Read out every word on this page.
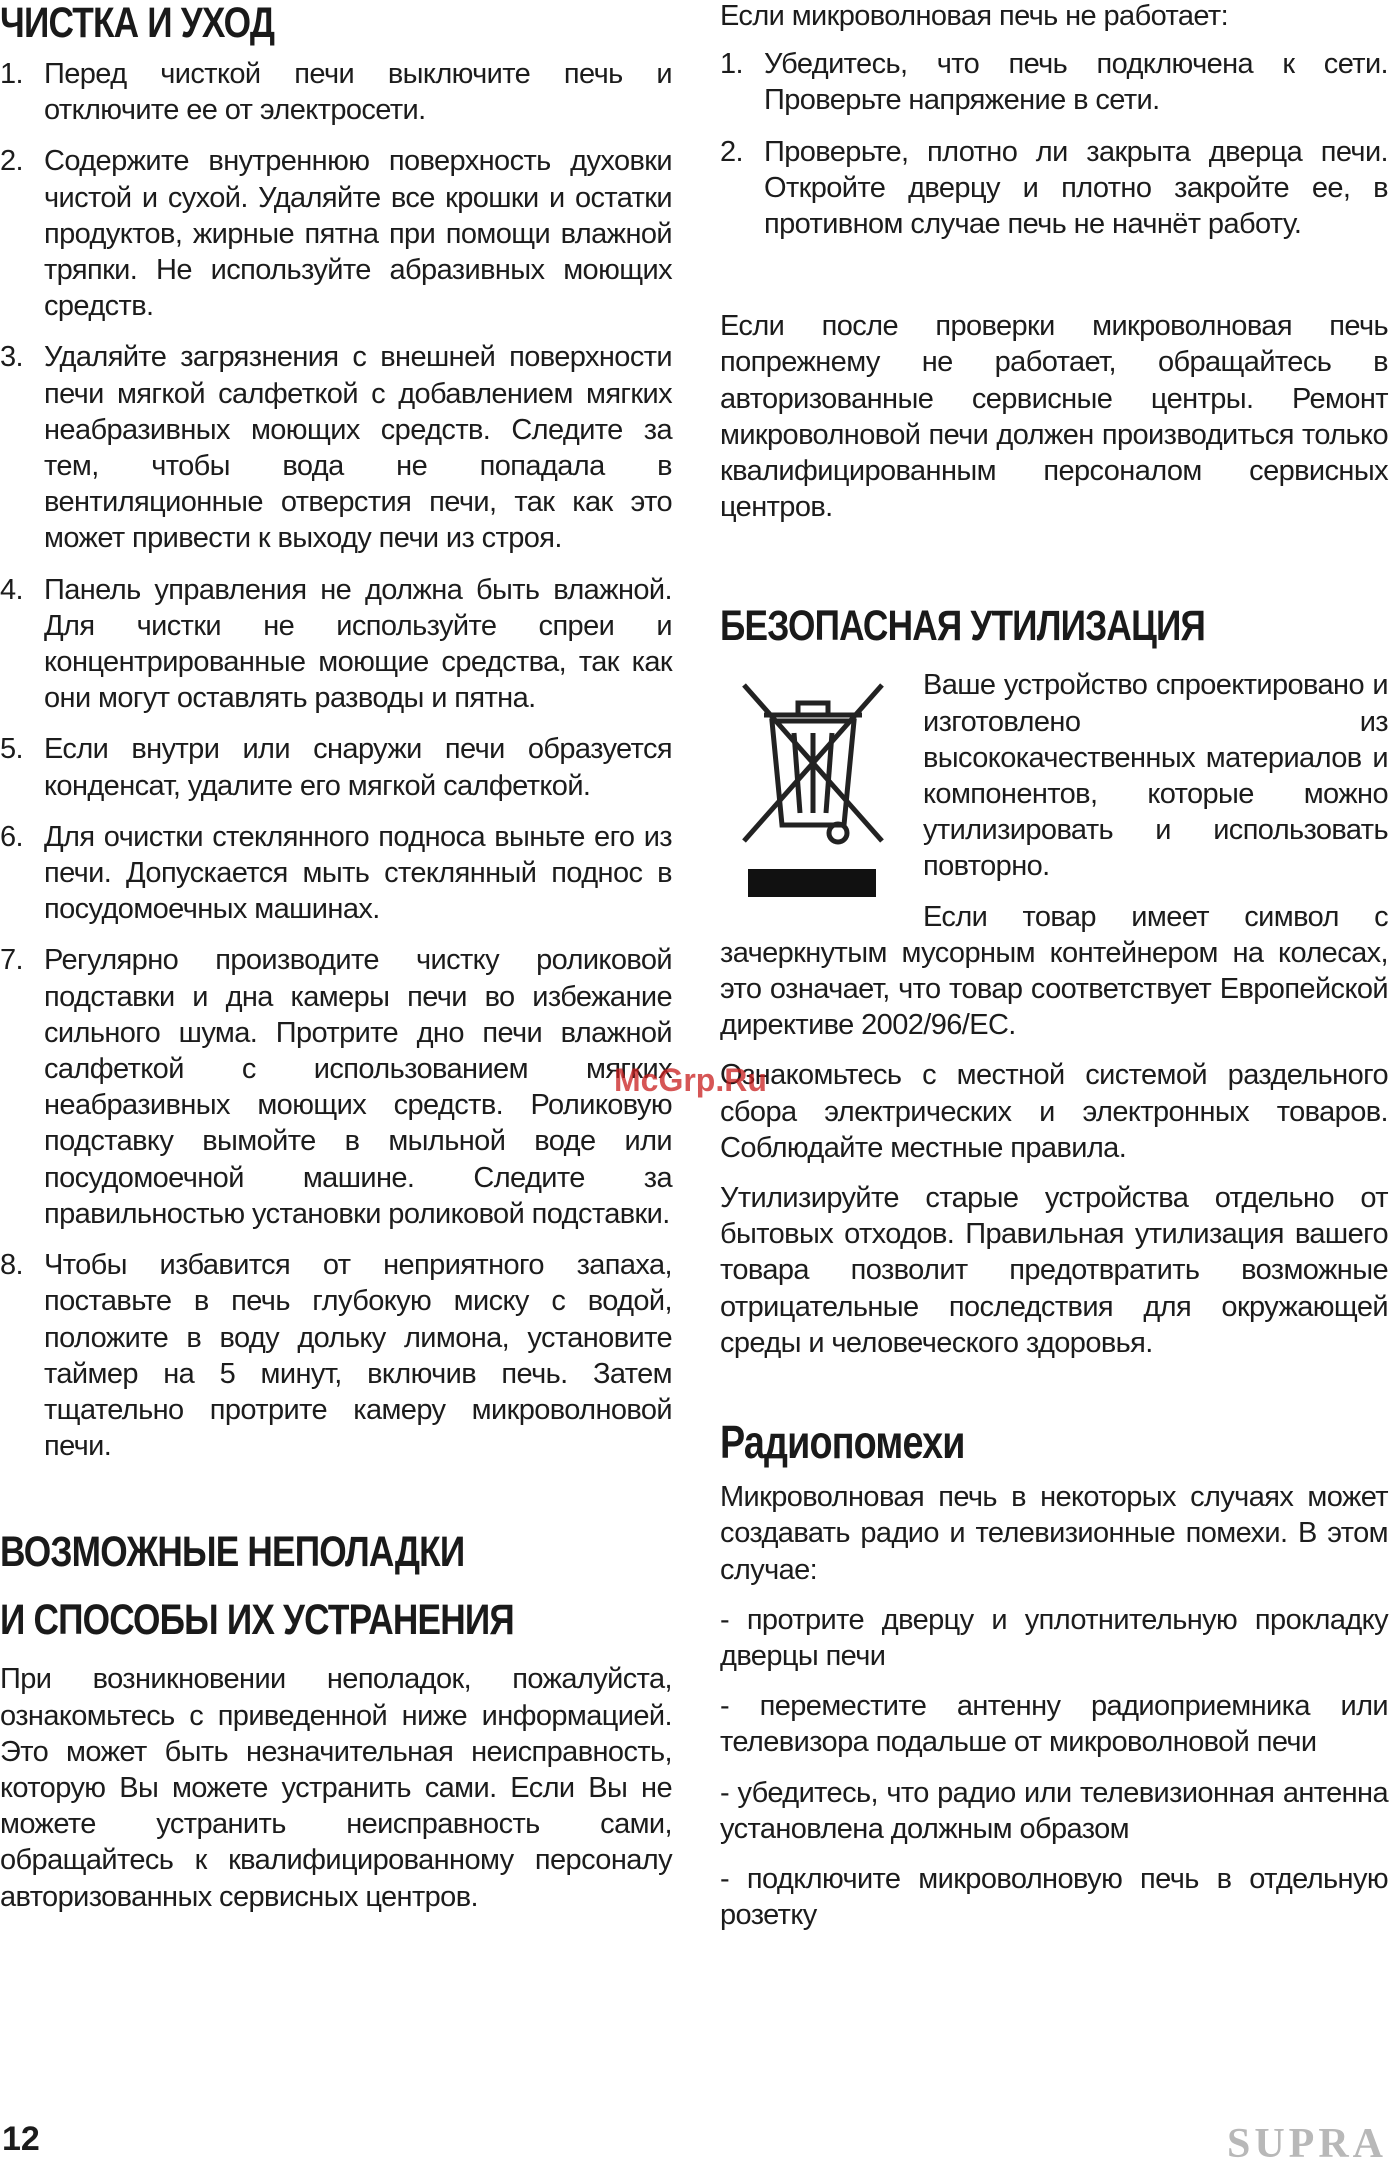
ЧИСТКА И УХОД
1. Перед чисткой печи выключите печь и отключите ее от электросети.
2. Содержите внутреннюю поверхность духовки чистой и сухой. Удаляйте все крошки и остатки продуктов, жирные пятна при помощи влажной тряпки. Не используйте абразивных моющих средств.
3. Удаляйте загрязнения с внешней поверхности печи мягкой салфеткой с добавлением мягких неабразивных моющих средств. Следите за тем, чтобы вода не попадала в вентиляционные отверстия печи, так как это может привести к выходу печи из строя.
4. Панель управления не должна быть влажной. Для чистки не используйте спреи и концентрированные моющие средства, так как они могут оставлять разводы и пятна.
5. Если внутри или снаружи печи образуется конденсат, удалите его мягкой салфеткой.
6. Для очистки стеклянного подноса выньте его из печи. Допускается мыть стеклянный поднос в посудомоечных машинах.
7. Регулярно производите чистку роликовой подставки и дна камеры печи во избежание сильного шума. Протрите дно печи влажной салфеткой с использованием мягких неабразивных моющих средств. Роликовую подставку вымойте в мыльной воде или посудомоечной машине. Следите за правильностью установки роликовой подставки.
8. Чтобы избавится от неприятного запаха, поставьте в печь глубокую миску с водой, положите в воду дольку лимона, установите таймер на 5 минут, включив печь. Затем тщательно протрите камеру микроволновой печи.
ВОЗМОЖНЫЕ НЕПОЛАДКИ
И СПОСОБЫ ИХ УСТРАНЕНИЯ

При возникновении неполадок, пожалуйста, ознакомьтесь с приведенной ниже информацией. Это может быть незначительная неисправность, которую Вы можете устранить сами. Если Вы не можете устранить неисправность сами, обращайтесь к квалифицированному персоналу авторизованных сервисных центров.

Если микроволновая печь не работает:

1. Убедитесь, что печь подключена к сети. Проверьте напряжение в сети.
2. Проверьте, плотно ли закрыта дверца печи. Откройте дверцу и плотно закройте ее, в противном случае печь не начнёт работу.

Если после проверки микроволновая печь попрежнему не работает, обращайтесь в авторизованные сервисные центры. Ремонт микроволновой печи должен производиться только квалифицированным персоналом сервисных центров.

БЕЗОПАСНАЯ УТИЛИЗАЦИЯ

Ваше устройство спроектировано и изготовлено из высококачественных материалов и компонентов, которые можно утилизировать и использовать повторно.

Если товар имеет символ с зачеркнутым мусорным контейнером на колесах, это означает, что товар соответствует Европейской директиве 2002/96/ЕС.

Ознакомьтесь с местной системой раздельного сбора электрических и электронных товаров. Соблюдайте местные правила.

Утилизируйте старые устройства отдельно от бытовых отходов. Правильная утилизация вашего товара позволит предотвратить возможные отрицательные последствия для окружающей среды и человеческого здоровья.

Радиопомехи

Микроволновая печь в некоторых случаях может создавать радио и телевизионные помехи. В этом случае:

- протрите дверцу и уплотнительную прокладку дверцы печи
- переместите антенну радиоприемника или телевизора подальше от микроволновой печи
- убедитесь, что радио или телевизионная антенна установлена должным образом
- подключите микроволновую печь в отдельную розетку
McGrp.Ru
12	SUPRA
